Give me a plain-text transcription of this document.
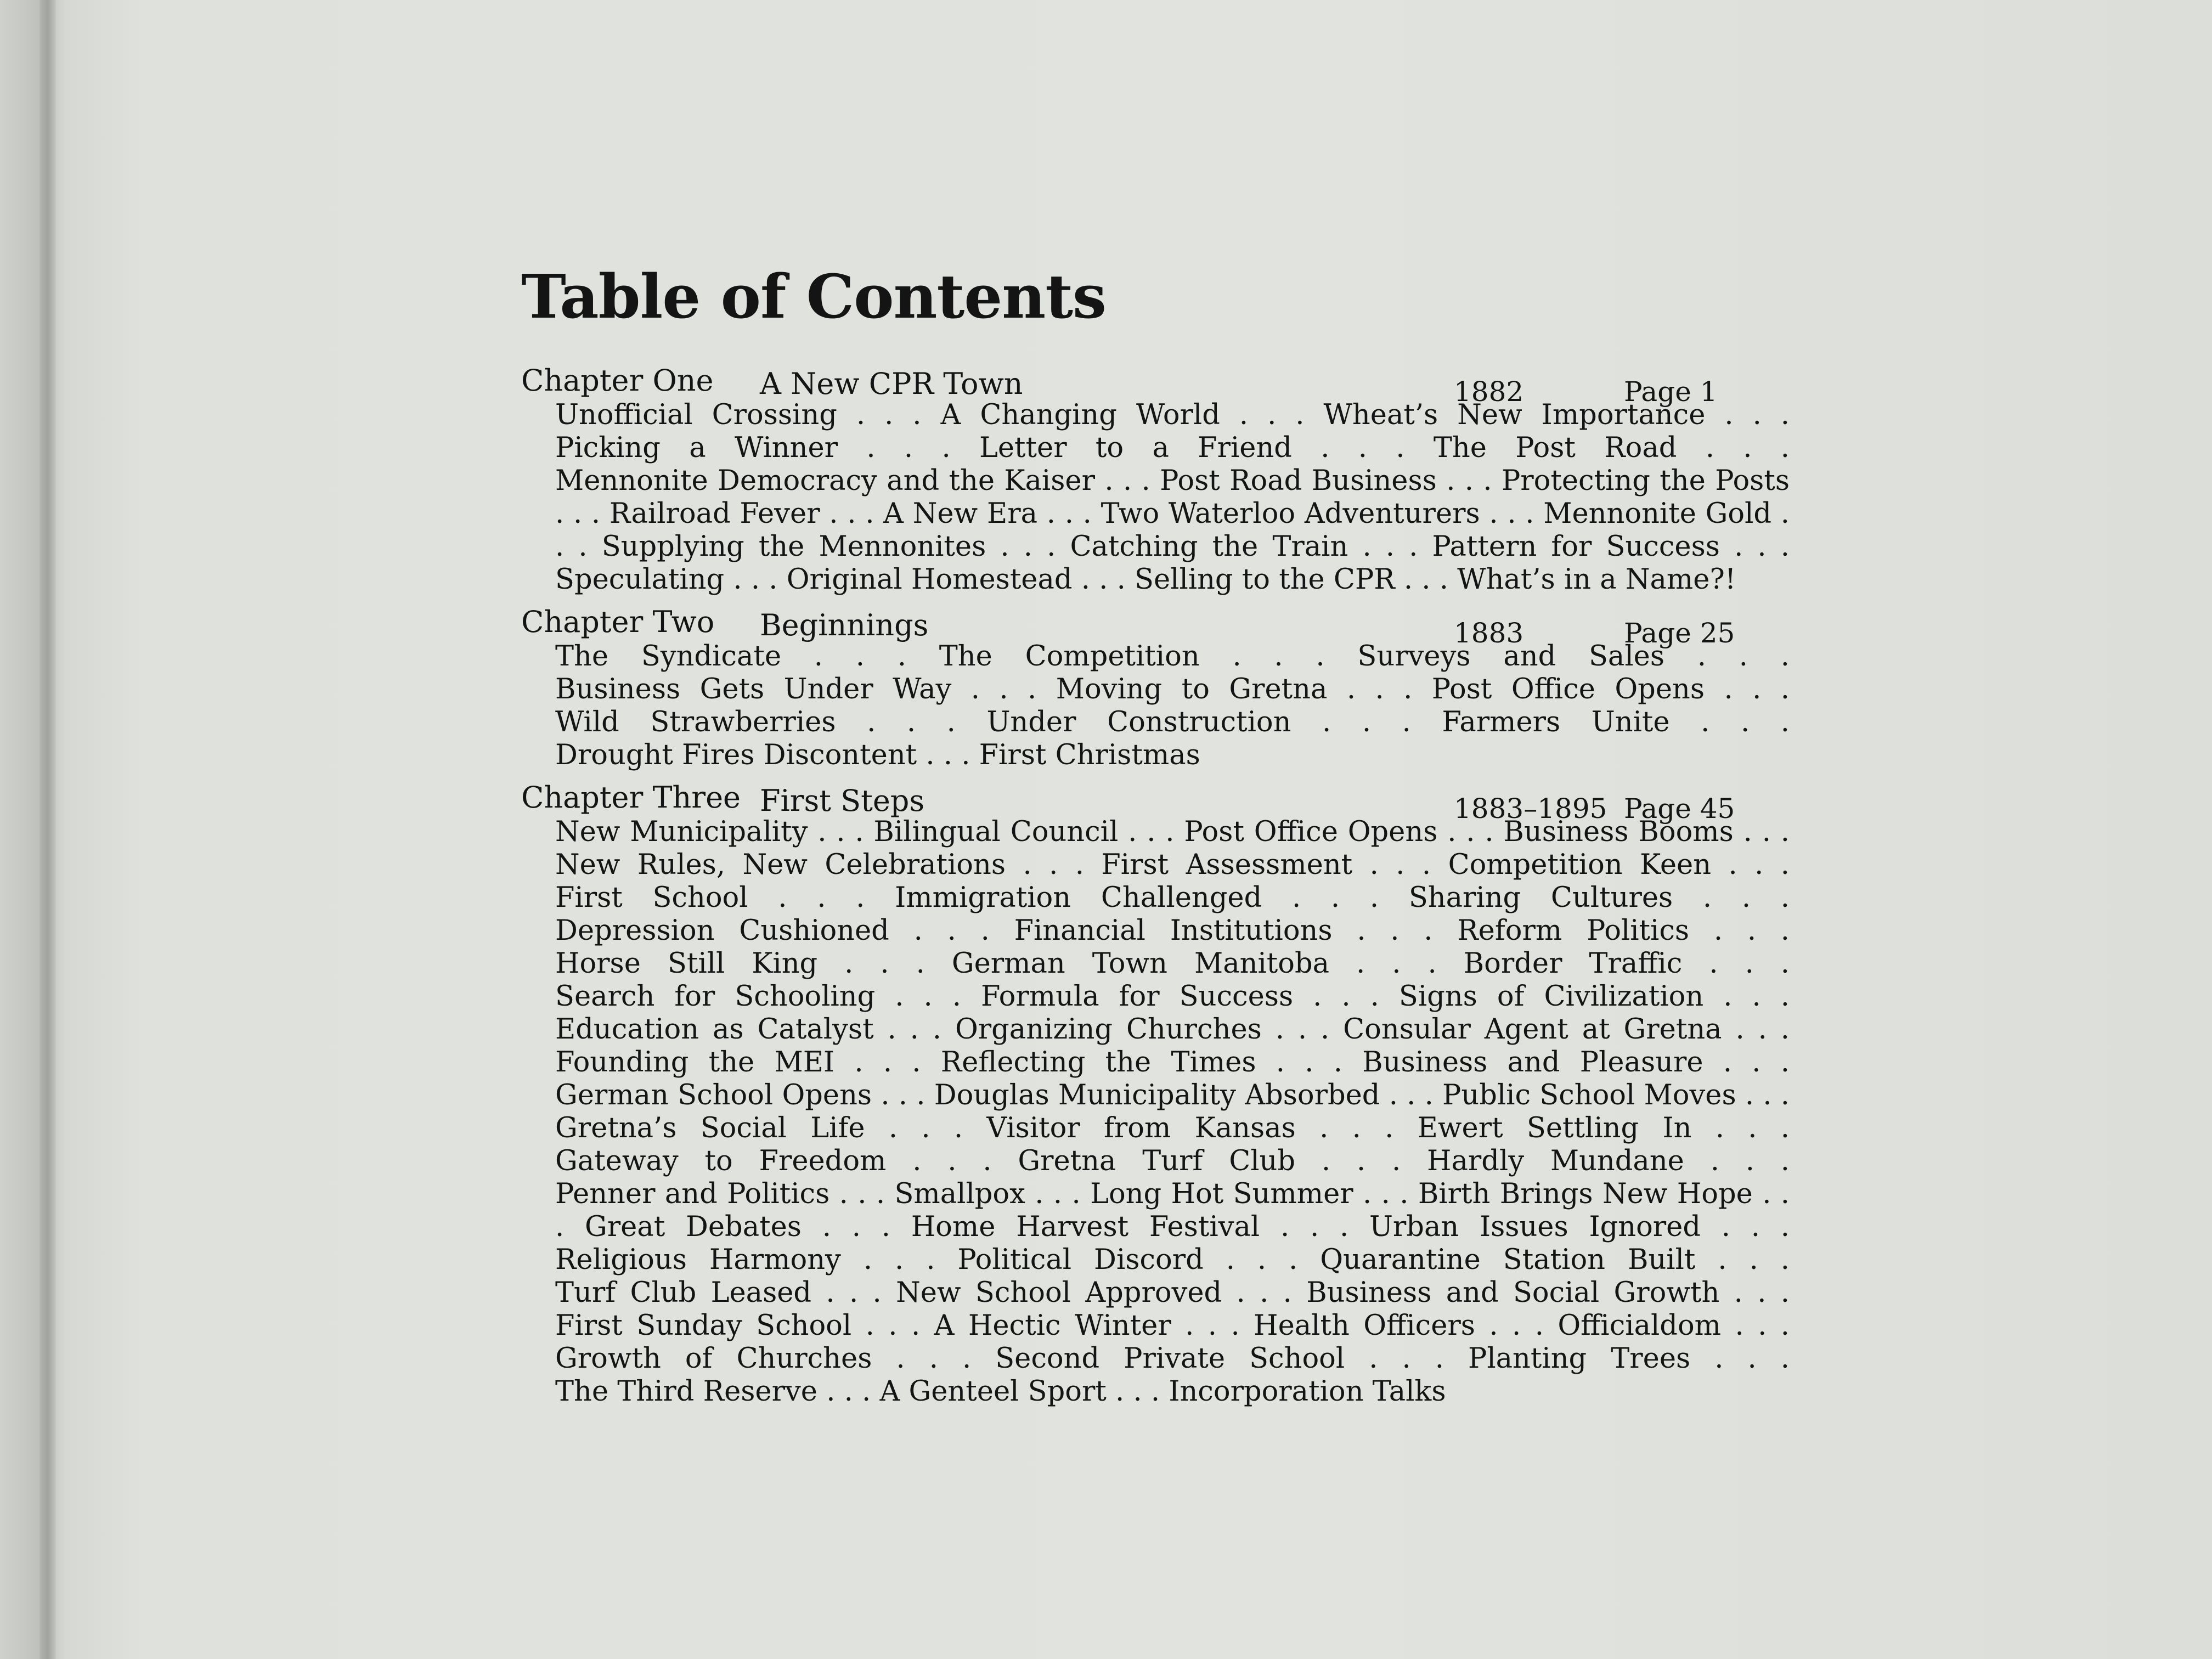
Table of Contents
Chapter One A New CPR Town	1882	Page 1
Unofficial Crossing . . . A Changing World . . . Wheat’s New Importance . . . Picking a Winner . . . Letter to a Friend . . . The Post Road . . . Mennonite Democracy and the Kaiser . . . Post Road Business . . . Protecting the Posts . . . Railroad Fever . . . A New Era . . . Two Waterloo Adventurers . . . Mennonite Gold . . . Supplying the Mennonites . . . Catching the Train . . . Pattern for Success . . . Speculating . . . Original Homestead . . . Selling to the CPR . . . What’s in a Name?!
Chapter Two Beginnings	1883	Page 25
The Syndicate . . . The Competition . . . Surveys and Sales . . . Business Gets Under Way . . . Moving to Gretna . . . Post Office Opens . . . Wild Strawberries . . . Under Construction . . . Farmers Unite . . . Drought Fires Discontent . . . First Christmas
Chapter Three First Steps	1883–1895 Page 45
New Municipality . . . Bilingual Council . . . Post Office Opens . . . Business Booms . . . New Rules, New Celebrations . . . First Assessment . . . Competition Keen . . . First School . . . Immigration Challenged . . . Sharing Cultures . . . Depression Cushioned . . . Financial Institutions . . . Reform Politics . . . Horse Still King . . . German Town Manitoba . . . Border Traffic . . . Search for Schooling . . . Formula for Success . . . Signs of Civilization . . . Education as Catalyst . . . Organizing Churches . . . Consular Agent at Gretna . . . Founding the MEI . . . Reflecting the Times . . . Business and Pleasure . . . German School Opens . . . Douglas Municipality Absorbed . . . Public School Moves . . . Gretna’s Social Life . . . Visitor from Kansas . . . Ewert Settling In . . . Gateway to Freedom . . . Gretna Turf Club . . . Hardly Mundane . . . Penner and Politics . . . Smallpox . . . Long Hot Summer . . . Birth Brings New Hope . . . Great Debates . . . Home Harvest Festival . . . Urban Issues Ignored . . . Religious Harmony . . . Political Discord . . . Quarantine Station Built . . . Turf Club Leased . . . New School Approved . . . Business and Social Growth . . . First Sunday School . . . A Hectic Winter . . . Health Officers . . . Officialdom . . . Growth of Churches . . . Second Private School . . . Planting Trees . . . The Third Reserve . . . A Genteel Sport . . . Incorporation Talks
